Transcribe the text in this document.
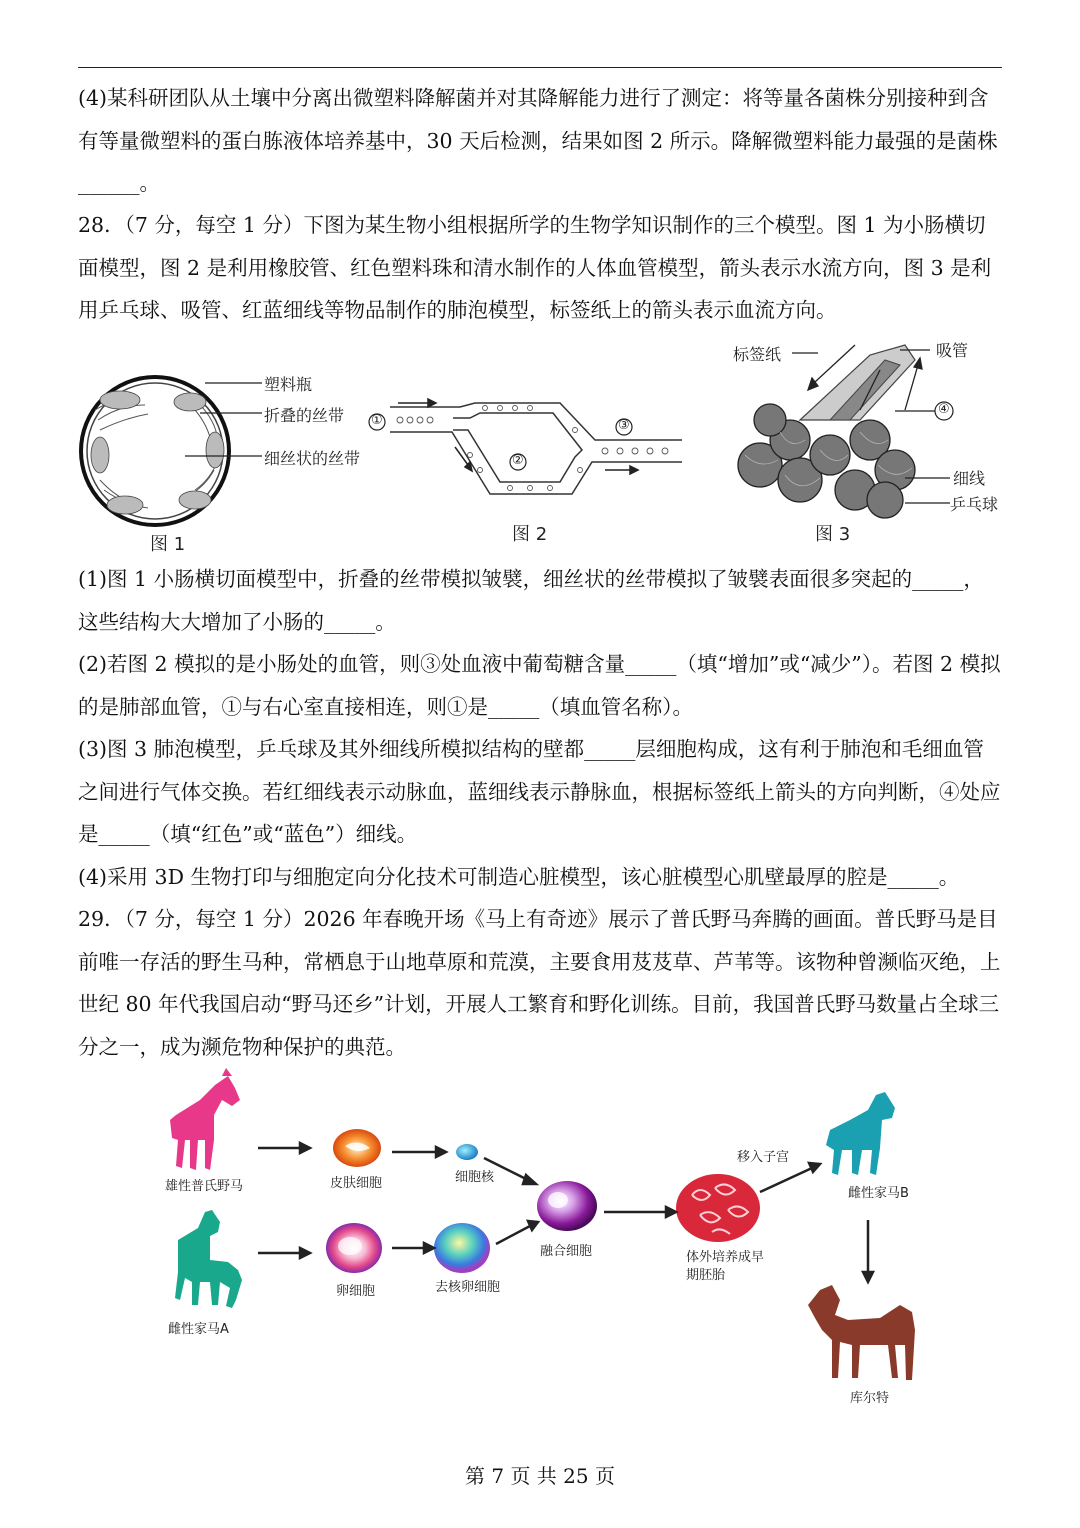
(4)某科研团队从土壤中分离出微塑料降解菌并对其降解能力进行了测定：将等量各菌株分别接种到含有等量微塑料的蛋白胨液体培养基中，30 天后检测，结果如图 2 所示。降解微塑料能力最强的是菌株______。

28．（7 分，每空 1 分）下图为某生物小组根据所学的生物学知识制作的三个模型。图 1 为小肠横切面模型，图 2 是利用橡胶管、红色塑料珠和清水制作的人体血管模型，箭头表示水流方向，图 3 是利用乒乓球、吸管、红蓝细线等物品制作的肺泡模型，标签纸上的箭头表示血流方向。

塑料瓶
折叠的丝带
细丝状的丝带
图 1
①
②
③
图 2
标签纸	吸管
④
细线
乒乓球
图 3

(1)图 1 小肠横切面模型中，折叠的丝带模拟皱襞，细丝状的丝带模拟了皱襞表面很多突起的_____，这些结构大大增加了小肠的_____。

(2)若图 2 模拟的是小肠处的血管，则③处血液中葡萄糖含量_____（填“增加”或“减少”）。若图 2 模拟的是肺部血管，①与右心室直接相连，则①是_____（填血管名称）。

(3)图 3 肺泡模型，乒乓球及其外细线所模拟结构的壁都_____层细胞构成，这有利于肺泡和毛细血管之间进行气体交换。若红细线表示动脉血，蓝细线表示静脉血，根据标签纸上箭头的方向判断，④处应是_____（填“红色”或“蓝色”）细线。

(4)采用 3D 生物打印与细胞定向分化技术可制造心脏模型，该心脏模型心肌壁最厚的腔是_____。

29．（7 分，每空 1 分）2026 年春晚开场《马上有奇迹》展示了普氏野马奔腾的画面。普氏野马是目前唯一存活的野生马种，常栖息于山地草原和荒漠，主要食用芨芨草、芦苇等。该物种曾濒临灭绝，上世纪 80 年代我国启动“野马还乡”计划，开展人工繁育和野化训练。目前，我国普氏野马数量占全球三分之一，成为濒危物种保护的典范。

雄性普氏野马	皮肤细胞	细胞核
雌性家马A
卵细胞	去核卵细胞
融合细胞	体外培养成早期胚胎
移入子宫
雌性家马B
库尔特
第 7 页 共 25 页
